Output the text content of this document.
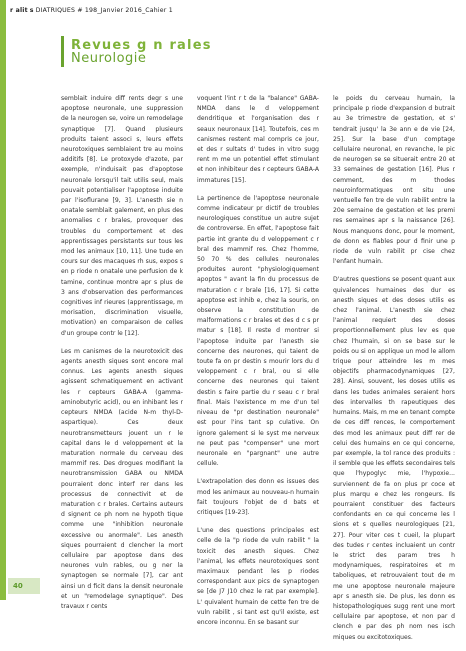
r alit s DIATRIQUES # 198_Janvier 2016_Cahier 1
Revues g n rales
Neurologie

semblait induire diff rents degr s une apoptose neuronale, une suppression de la neurogen se, voire un remodelage synaptique [7]. Quand plusieurs produits taient associ s, leurs effets neurotoxiques semblaient tre au moins additifs [8]. Le protoxyde d'azote, par exemple, n'induisait pas d'apoptose neuronale lorsqu'il tait utilis seul, mais pouvait potentialiser l'apoptose induite par l'isoflurane [9, 3]. L'anesth sie n onatale semblait galement, en plus des anomalies c r brales, provoquer des troubles du comportement et des apprentissages persistants sur tous les mod les animaux [10, 11]. Une tude en cours sur des macaques rh sus, expos s en p riode n onatale une perfusion de k tamine, continue montre apr s plus de 3 ans d'observation des performances cognitives inf rieures (apprentissage, m morisation, discrimination visuelle, motivation) en comparaison de celles d'un groupe contr le [12].

Les m canismes de la neurotoxicit des agents anesth siques sont encore mal connus. Les agents anesth siques agissent schmatiquement en activant les r cepteurs GABA-A (gamma-aminobutyric acid), ou en inhibant les r cepteurs NMDA (acide N-m thyl-D-aspartique). Ces deux neurotransmetteurs jouent un r le capital dans le d veloppement et la maturation normale du cerveau des mammif res. Des drogues modifiant la neurotransmission GABA ou NMDA pourraient donc interf rer dans les processus de connectivit et de maturation c r brales. Certains auteurs d signent ce ph nom ne hypoth tique comme une "inhibition neuronale excessive ou anormale". Les anesth siques pourraient d clencher la mort cellulaire par apoptose dans des neurones vuln rables, ou g ner la synaptogen se normale [7], car ant ainsi un d ficit dans la densit neuronale et un "remodelage synaptique". Des travaux r cents

voquent l'int r t de la "balance" GABA-NMDA dans le d veloppement dendritique et l'organisation des r seaux neuronaux [14]. Toutefois, ces m canismes restent mal compris ce jour, et des r sultats d' tudes in vitro sugg rent m me un potentiel effet stimulant et non inhibiteur des r cepteurs GABA-A immatures [15].

La pertinence de l'apoptose neuronale comme indicateur pr dictif de troubles neurologiques constitue un autre sujet de controverse. En effet, l'apoptose fait partie int grante du d veloppement c r bral des mammif res. Chez l'homme, 50 70 % des cellules neuronales produites auront "physiologiquement apoptos " avant la fin du processus de maturation c r brale [16, 17]. Si cette apoptose est inhib e, chez la souris, on observe la constitution de malformations c r brales et des d c s pr matur s [18]. Il reste d montrer si l'apoptose induite par l'anesth sie concerne des neurones, qui taient de toute fa on pr destin s mourir lors du d veloppement c r bral, ou si elle concerne des neurones qui taient destin s faire partie du r seau c r bral final. Mais l'existence m me d'un tel niveau de "pr destination neuronale" est pour l'ins tant sp culative. On ignore galement si le syst me nerveux ne peut pas "compenser" une mort neuronale en "pargnant" une autre cellule.

L'extrapolation des donn es issues des mod les animaux au nouveau-n humain fait toujours l'objet de d bats et critiques [19-23].

L'une des questions principales est celle de la "p riode de vuln rabilit " la toxicit des anesth siques. Chez l'animal, les effets neurotoxiques sont maximaux pendant les p riodes correspondant aux pics de synaptogen se [de J7 J10 chez le rat par exemple]. L' quivalent humain de cette fen tre de vuln rabilit , si tant est qu'il existe, est encore inconnu. En se basant sur

le poids du cerveau humain, la principale p riode d'expansion d butrait au 3e trimestre de gestation, et s' tendrait jusqu' la 3e ann e de vie [24, 25]. Sur la base d'un comptage cellulaire neuronal, en revanche, le pic de neurogen se se situerait entre 20 et 33 semaines de gestation [16]. Plus r cemment, des m thodes neuroinformatiques ont situ une ventuelle fen tre de vuln rabilit entre la 20e semaine de gestation et les premi res semaines apr s la naissance [26]. Nous manquons donc, pour le moment, de donn es fiables pour d finir une p riode de vuln rabilit pr cise chez l'enfant humain.

D'autres questions se posent quant aux quivalences humaines des dur es anesth siques et des doses utilis es chez l'animal. L'anesth sie chez l'animal requiert des doses proportionnellement plus lev es que chez l'humain, si on se base sur le poids ou si on applique un mod le allom trique pour atteindre les m mes objectifs pharmacodynamiques [27, 28]. Ainsi, souvent, les doses utilis es dans les tudes animales seraient hors des intervalles th rapeutiques des humains. Mais, m me en tenant compte de ces diff rences, le comportement des mod les animaux peut diff rer de celui des humains en ce qui concerne, par exemple, la tol rance des produits : il semble que les effets secondaires tels que l'hypoglyc mie, l'hypoxie... surviennent de fa on plus pr coce et plus marqu e chez les rongeurs. Ils pourraient constituer des facteurs confondants en ce qui concerne les l sions et s quelles neurologiques [21, 27]. Pour viter ces t cueil, la plupart des tudes r centes incluaient un contr le strict des param tres h modynamiques, respiratoires et m taboliques, et retrouvaient tout de m me une apoptose neuronale majeure apr s anesth sie. De plus, les donn es histopathologiques sugg rent une mort cellulaire par apoptose, et non par d clench e par des ph nom nes isch miques ou excitotoxiques.

40
